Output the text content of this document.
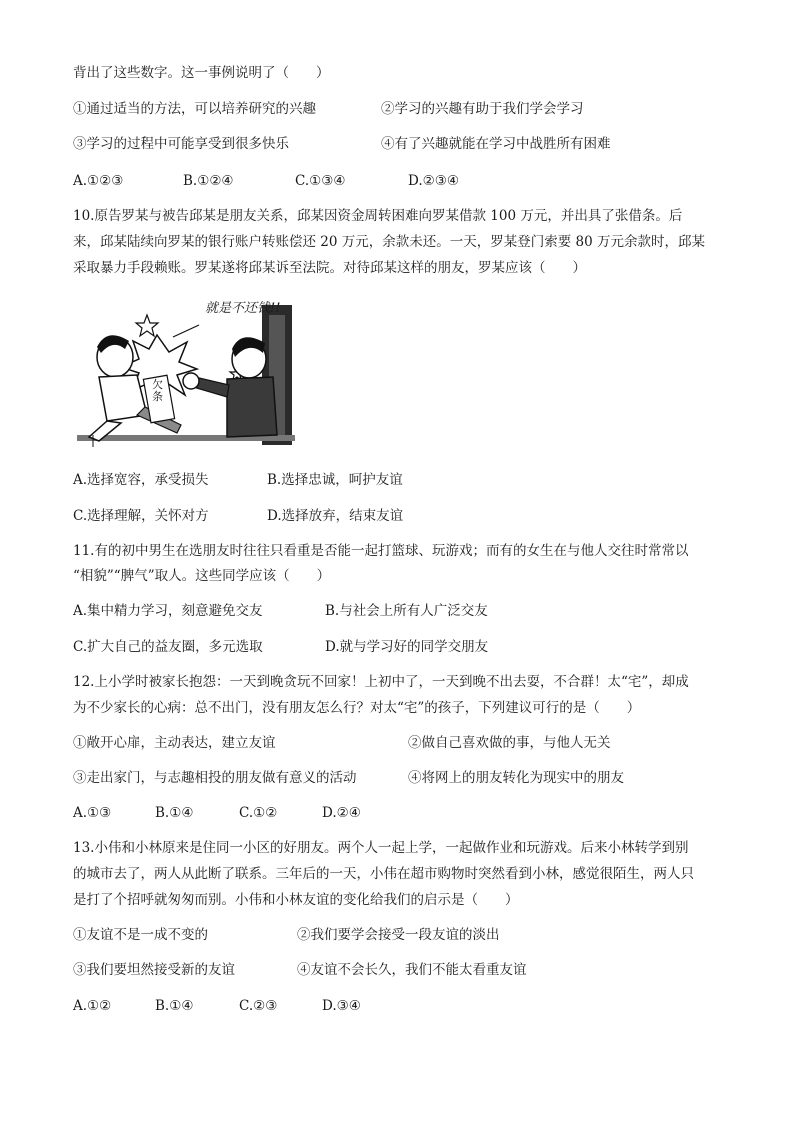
背出了这些数字。这一事例说明了（　　）
①通过适当的方法，可以培养研究的兴趣	②学习的兴趣有助于我们学会学习
③学习的过程中可能享受到很多快乐	④有了兴趣就能在学习中战胜所有困难
A.①②③	B.①②④	C.①③④	D.②③④
10.原告罗某与被告邱某是朋友关系，邱某因资金周转困难向罗某借款 100 万元，并出具了张借条。后
来，邱某陆续向罗某的银行账户转账偿还 20 万元，余款未还。一天，罗某登门索要 80 万元余款时，邱某
采取暴力手段赖账。罗某遂将邱某诉至法院。对待邱某这样的朋友，罗某应该（　　）
就是不还钱!!
欠条
A.选择宽容，承受损失	B.选择忠诚，呵护友谊
C.选择理解，关怀对方	D.选择放弃，结束友谊
11.有的初中男生在选朋友时往往只看重是否能一起打篮球、玩游戏；而有的女生在与他人交往时常常以
“相貌”“脾气”取人。这些同学应该（　　）
A.集中精力学习，刻意避免交友	B.与社会上所有人广泛交友
C.扩大自己的益友圈，多元选取	D.就与学习好的同学交朋友
12.上小学时被家长抱怨：一天到晚贪玩不回家！上初中了，一天到晚不出去耍，不合群！太“宅”，却成
为不少家长的心病：总不出门，没有朋友怎么行？对太“宅”的孩子，下列建议可行的是（　　）
①敞开心扉，主动表达，建立友谊	②做自己喜欢做的事，与他人无关
③走出家门，与志趣相投的朋友做有意义的活动	④将网上的朋友转化为现实中的朋友
A.①③	B.①④	C.①②	D.②④
13.小伟和小林原来是住同一小区的好朋友。两个人一起上学，一起做作业和玩游戏。后来小林转学到别
的城市去了，两人从此断了联系。三年后的一天，小伟在超市购物时突然看到小林，感觉很陌生，两人只
是打了个招呼就匆匆而别。小伟和小林友谊的变化给我们的启示是（　　）
①友谊不是一成不变的	②我们要学会接受一段友谊的淡出
③我们要坦然接受新的友谊	④友谊不会长久，我们不能太看重友谊
A.①②	B.①④	C.②③	D.③④
